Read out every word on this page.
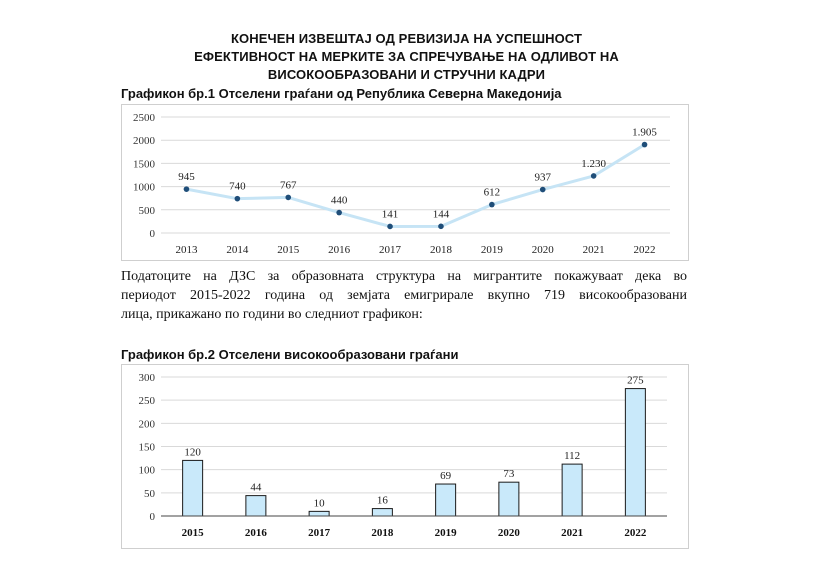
КОНЕЧЕН ИЗВЕШТАЈ ОД РЕВИЗИЈА НА УСПЕШНОСТ
ЕФЕКТИВНОСТ НА МЕРКИТЕ ЗА СПРЕЧУВАЊЕ НА ОДЛИВОТ НА
ВИСОКООБРАЗОВАНИ И СТРУЧНИ КАДРИ
Графикон бр.1 Отселени граѓани од Република Северна Македонија
0
500
1000
1500
2000
2500
945
2013
740
2014
767
2015
440
2016
141
2017
144
2018
612
2019
937
2020
1.230
2021
1.905
2022
Податоците на ДЗС за образовната структура на мигрантите покажуваат дека во
периодот 2015-2022 година од земјата емигрирале вкупно 719 високообразовани
лица, прикажано по години во следниот графикон:
Графикон бр.2 Отселени високообразовани граѓани
0
50
100
150
200
250
300
120
2015
44
2016
10
2017
16
2018
69
2019
73
2020
112
2021
275
2022
